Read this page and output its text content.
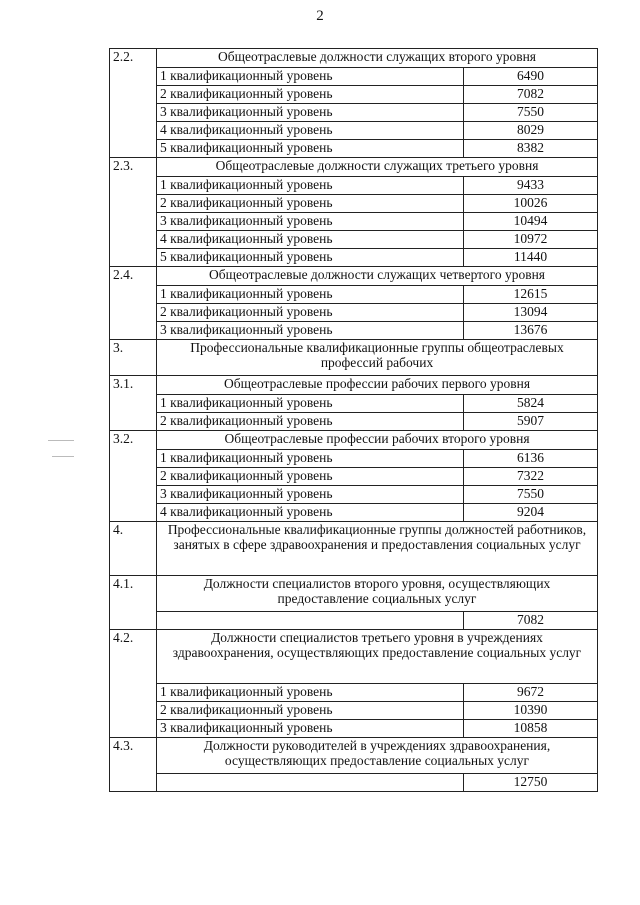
2
2.2.	Общеотраслевые должности служащих второго уровня	
	1 квалификационный уровень	6490
	2 квалификационный уровень	7082
	3 квалификационный уровень	7550
	4 квалификационный уровень	8029
	5 квалификационный уровень	8382
2.3.	Общеотраслевые должности служащих третьего уровня	
	1 квалификационный уровень	9433
	2 квалификационный уровень	10026
	3 квалификационный уровень	10494
	4 квалификационный уровень	10972
	5 квалификационный уровень	11440
2.4.	Общеотраслевые должности служащих четвертого уровня	
	1 квалификационный уровень	12615
	2 квалификационный уровень	13094
	3 квалификационный уровень	13676
3.	Профессиональные квалификационные группы общеотраслевых профессий рабочих	
3.1.	Общеотраслевые профессии рабочих первого уровня	
	1 квалификационный уровень	5824
	2 квалификационный уровень	5907
3.2.	Общеотраслевые профессии рабочих второго уровня	
	1 квалификационный уровень	6136
	2 квалификационный уровень	7322
	3 квалификационный уровень	7550
	4 квалификационный уровень	9204
4.	Профессиональные квалификационные группы должностей работников, занятых в сфере здравоохранения и предоставления социальных услуг	
4.1.	Должности специалистов второго уровня, осуществляющих предоставление социальных услуг	
		7082
4.2.	Должности специалистов третьего уровня в учреждениях здравоохранения, осуществляющих предоставление социальных услуг	
	1 квалификационный уровень	9672
	2 квалификационный уровень	10390
	3 квалификационный уровень	10858
4.3.	Должности руководителей в учреждениях здравоохранения, осуществляющих предоставление социальных услуг	
		12750
